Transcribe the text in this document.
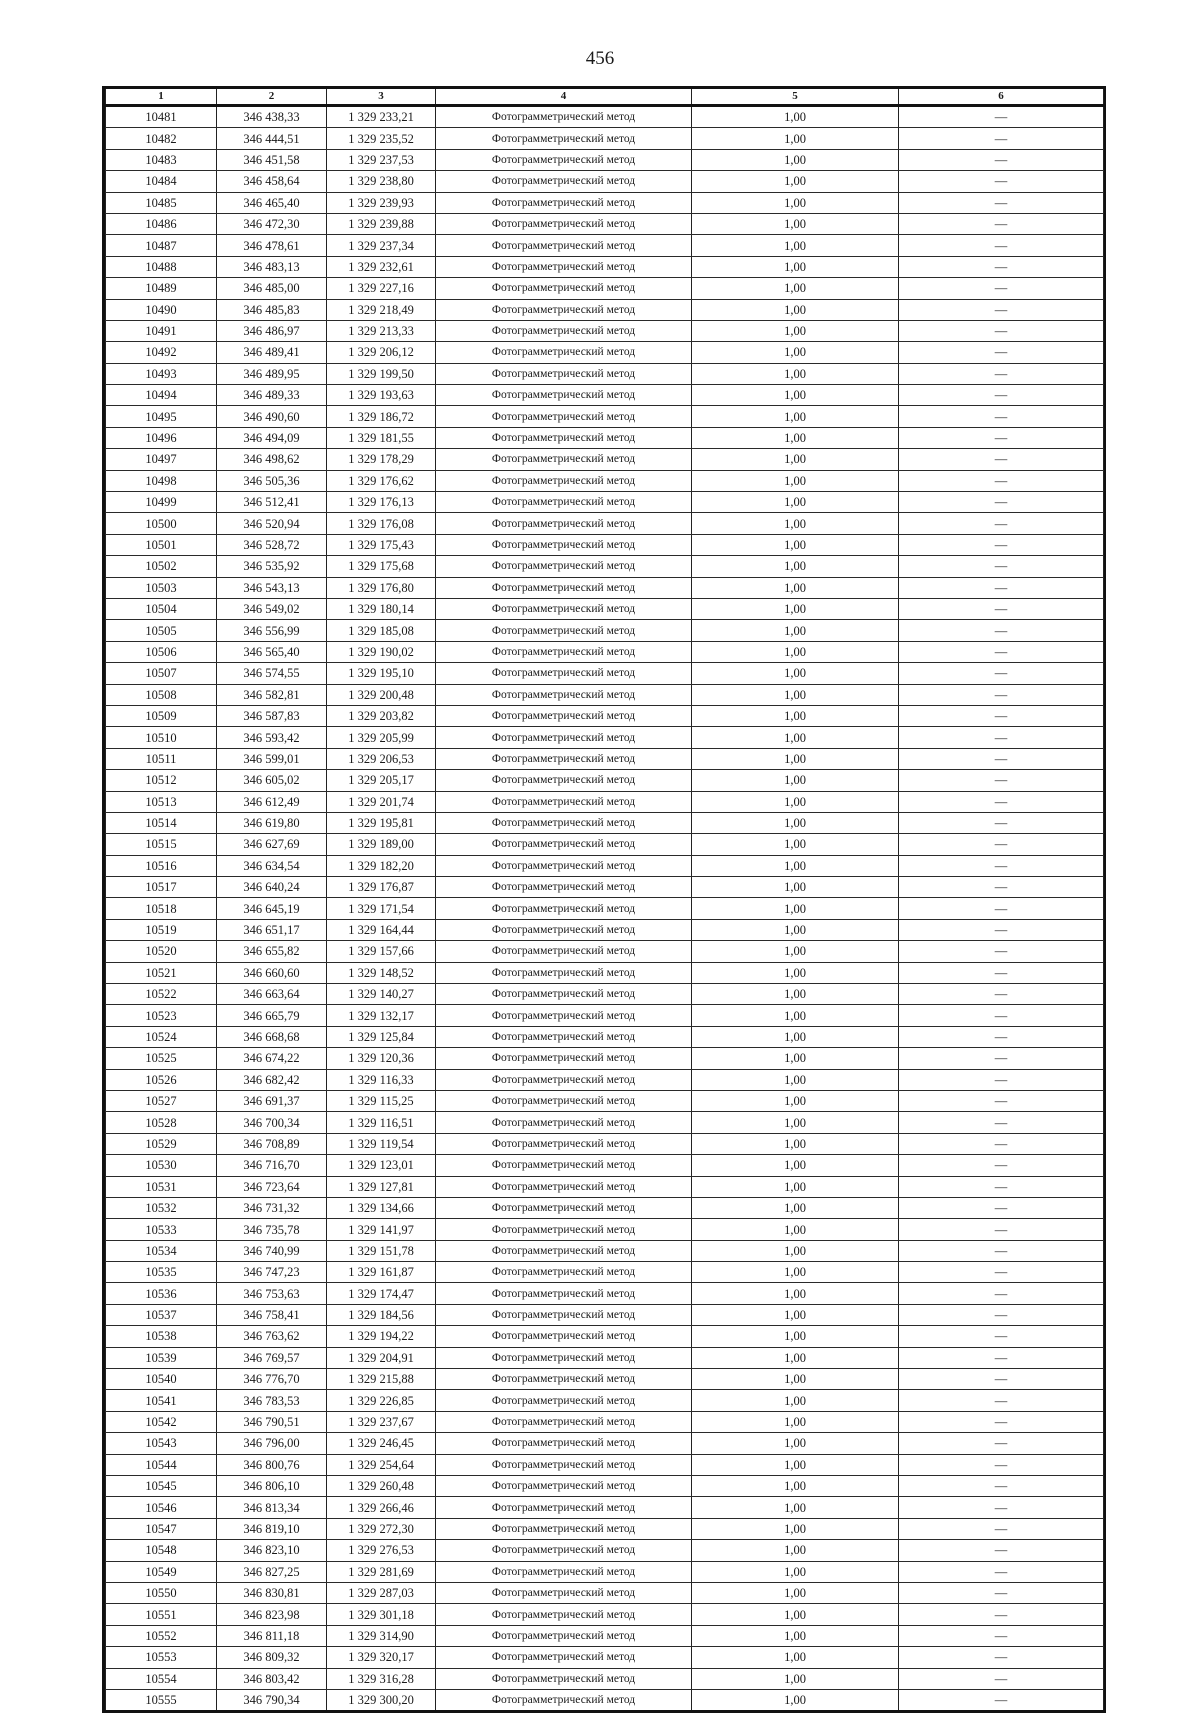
456
1	2	3	4	5	6
10481	346 438,33	1 329 233,21	Фотограмметрический метод	1,00	—
10482	346 444,51	1 329 235,52	Фотограмметрический метод	1,00	—
10483	346 451,58	1 329 237,53	Фотограмметрический метод	1,00	—
10484	346 458,64	1 329 238,80	Фотограмметрический метод	1,00	—
10485	346 465,40	1 329 239,93	Фотограмметрический метод	1,00	—
10486	346 472,30	1 329 239,88	Фотограмметрический метод	1,00	—
10487	346 478,61	1 329 237,34	Фотограмметрический метод	1,00	—
10488	346 483,13	1 329 232,61	Фотограмметрический метод	1,00	—
10489	346 485,00	1 329 227,16	Фотограмметрический метод	1,00	—
10490	346 485,83	1 329 218,49	Фотограмметрический метод	1,00	—
10491	346 486,97	1 329 213,33	Фотограмметрический метод	1,00	—
10492	346 489,41	1 329 206,12	Фотограмметрический метод	1,00	—
10493	346 489,95	1 329 199,50	Фотограмметрический метод	1,00	—
10494	346 489,33	1 329 193,63	Фотограмметрический метод	1,00	—
10495	346 490,60	1 329 186,72	Фотограмметрический метод	1,00	—
10496	346 494,09	1 329 181,55	Фотограмметрический метод	1,00	—
10497	346 498,62	1 329 178,29	Фотограмметрический метод	1,00	—
10498	346 505,36	1 329 176,62	Фотограмметрический метод	1,00	—
10499	346 512,41	1 329 176,13	Фотограмметрический метод	1,00	—
10500	346 520,94	1 329 176,08	Фотограмметрический метод	1,00	—
10501	346 528,72	1 329 175,43	Фотограмметрический метод	1,00	—
10502	346 535,92	1 329 175,68	Фотограмметрический метод	1,00	—
10503	346 543,13	1 329 176,80	Фотограмметрический метод	1,00	—
10504	346 549,02	1 329 180,14	Фотограмметрический метод	1,00	—
10505	346 556,99	1 329 185,08	Фотограмметрический метод	1,00	—
10506	346 565,40	1 329 190,02	Фотограмметрический метод	1,00	—
10507	346 574,55	1 329 195,10	Фотограмметрический метод	1,00	—
10508	346 582,81	1 329 200,48	Фотограмметрический метод	1,00	—
10509	346 587,83	1 329 203,82	Фотограмметрический метод	1,00	—
10510	346 593,42	1 329 205,99	Фотограмметрический метод	1,00	—
10511	346 599,01	1 329 206,53	Фотограмметрический метод	1,00	—
10512	346 605,02	1 329 205,17	Фотограмметрический метод	1,00	—
10513	346 612,49	1 329 201,74	Фотограмметрический метод	1,00	—
10514	346 619,80	1 329 195,81	Фотограмметрический метод	1,00	—
10515	346 627,69	1 329 189,00	Фотограмметрический метод	1,00	—
10516	346 634,54	1 329 182,20	Фотограмметрический метод	1,00	—
10517	346 640,24	1 329 176,87	Фотограмметрический метод	1,00	—
10518	346 645,19	1 329 171,54	Фотограмметрический метод	1,00	—
10519	346 651,17	1 329 164,44	Фотограмметрический метод	1,00	—
10520	346 655,82	1 329 157,66	Фотограмметрический метод	1,00	—
10521	346 660,60	1 329 148,52	Фотограмметрический метод	1,00	—
10522	346 663,64	1 329 140,27	Фотограмметрический метод	1,00	—
10523	346 665,79	1 329 132,17	Фотограмметрический метод	1,00	—
10524	346 668,68	1 329 125,84	Фотограмметрический метод	1,00	—
10525	346 674,22	1 329 120,36	Фотограмметрический метод	1,00	—
10526	346 682,42	1 329 116,33	Фотограмметрический метод	1,00	—
10527	346 691,37	1 329 115,25	Фотограмметрический метод	1,00	—
10528	346 700,34	1 329 116,51	Фотограмметрический метод	1,00	—
10529	346 708,89	1 329 119,54	Фотограмметрический метод	1,00	—
10530	346 716,70	1 329 123,01	Фотограмметрический метод	1,00	—
10531	346 723,64	1 329 127,81	Фотограмметрический метод	1,00	—
10532	346 731,32	1 329 134,66	Фотограмметрический метод	1,00	—
10533	346 735,78	1 329 141,97	Фотограмметрический метод	1,00	—
10534	346 740,99	1 329 151,78	Фотограмметрический метод	1,00	—
10535	346 747,23	1 329 161,87	Фотограмметрический метод	1,00	—
10536	346 753,63	1 329 174,47	Фотограмметрический метод	1,00	—
10537	346 758,41	1 329 184,56	Фотограмметрический метод	1,00	—
10538	346 763,62	1 329 194,22	Фотограмметрический метод	1,00	—
10539	346 769,57	1 329 204,91	Фотограмметрический метод	1,00	—
10540	346 776,70	1 329 215,88	Фотограмметрический метод	1,00	—
10541	346 783,53	1 329 226,85	Фотограмметрический метод	1,00	—
10542	346 790,51	1 329 237,67	Фотограмметрический метод	1,00	—
10543	346 796,00	1 329 246,45	Фотограмметрический метод	1,00	—
10544	346 800,76	1 329 254,64	Фотограмметрический метод	1,00	—
10545	346 806,10	1 329 260,48	Фотограмметрический метод	1,00	—
10546	346 813,34	1 329 266,46	Фотограмметрический метод	1,00	—
10547	346 819,10	1 329 272,30	Фотограмметрический метод	1,00	—
10548	346 823,10	1 329 276,53	Фотограмметрический метод	1,00	—
10549	346 827,25	1 329 281,69	Фотограмметрический метод	1,00	—
10550	346 830,81	1 329 287,03	Фотограмметрический метод	1,00	—
10551	346 823,98	1 329 301,18	Фотограмметрический метод	1,00	—
10552	346 811,18	1 329 314,90	Фотограмметрический метод	1,00	—
10553	346 809,32	1 329 320,17	Фотограмметрический метод	1,00	—
10554	346 803,42	1 329 316,28	Фотограмметрический метод	1,00	—
10555	346 790,34	1 329 300,20	Фотограмметрический метод	1,00	—
